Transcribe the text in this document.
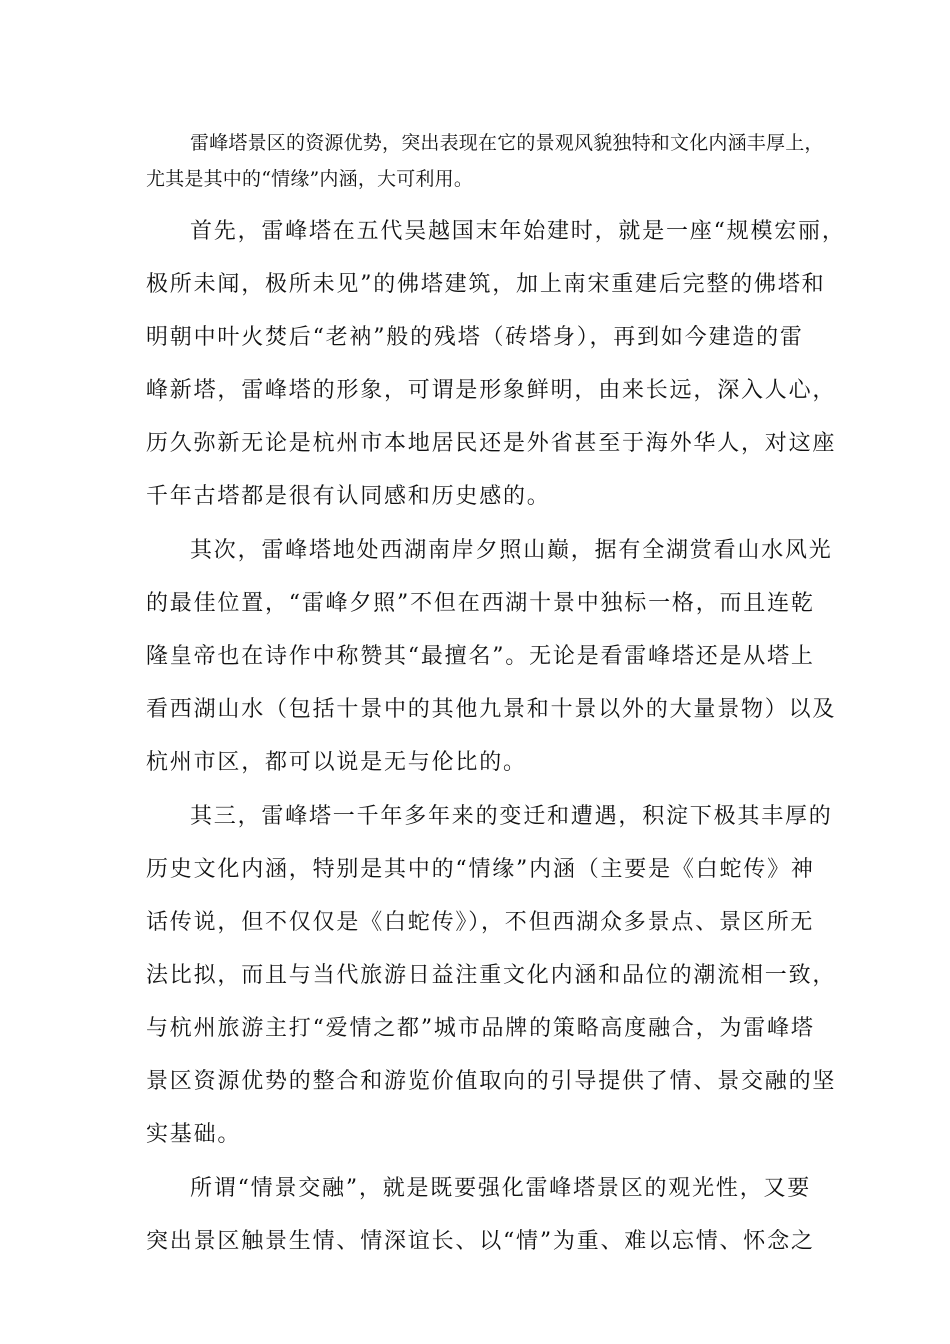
雷峰塔景区的资源优势，突出表现在它的景观风貌独特和文化内涵丰厚上，

尤其是其中的“情缘”内涵，大可利用。

首先，雷峰塔在五代吴越国末年始建时，就是一座“规模宏丽，

极所未闻，极所未见”的佛塔建筑，加上南宋重建后完整的佛塔和

明朝中叶火焚后“老衲”般的残塔（砖塔身），再到如今建造的雷

峰新塔，雷峰塔的形象，可谓是形象鲜明，由来长远，深入人心，

历久弥新无论是杭州市本地居民还是外省甚至于海外华人，对这座

千年古塔都是很有认同感和历史感的。

其次，雷峰塔地处西湖南岸夕照山巅，据有全湖赏看山水风光

的最佳位置，“雷峰夕照”不但在西湖十景中独标一格，而且连乾

隆皇帝也在诗作中称赞其“最擅名”。无论是看雷峰塔还是从塔上

看西湖山水（包括十景中的其他九景和十景以外的大量景物）以及

杭州市区，都可以说是无与伦比的。

其三，雷峰塔一千年多年来的变迁和遭遇，积淀下极其丰厚的

历史文化内涵，特别是其中的“情缘”内涵（主要是《白蛇传》神

话传说，但不仅仅是《白蛇传》），不但西湖众多景点、景区所无

法比拟，而且与当代旅游日益注重文化内涵和品位的潮流相一致，

与杭州旅游主打“爱情之都”城市品牌的策略高度融合，为雷峰塔

景区资源优势的整合和游览价值取向的引导提供了情、景交融的坚

实基础。

所谓“情景交融”，就是既要强化雷峰塔景区的观光性，又要

突出景区触景生情、情深谊长、以“情”为重、难以忘情、怀念之
